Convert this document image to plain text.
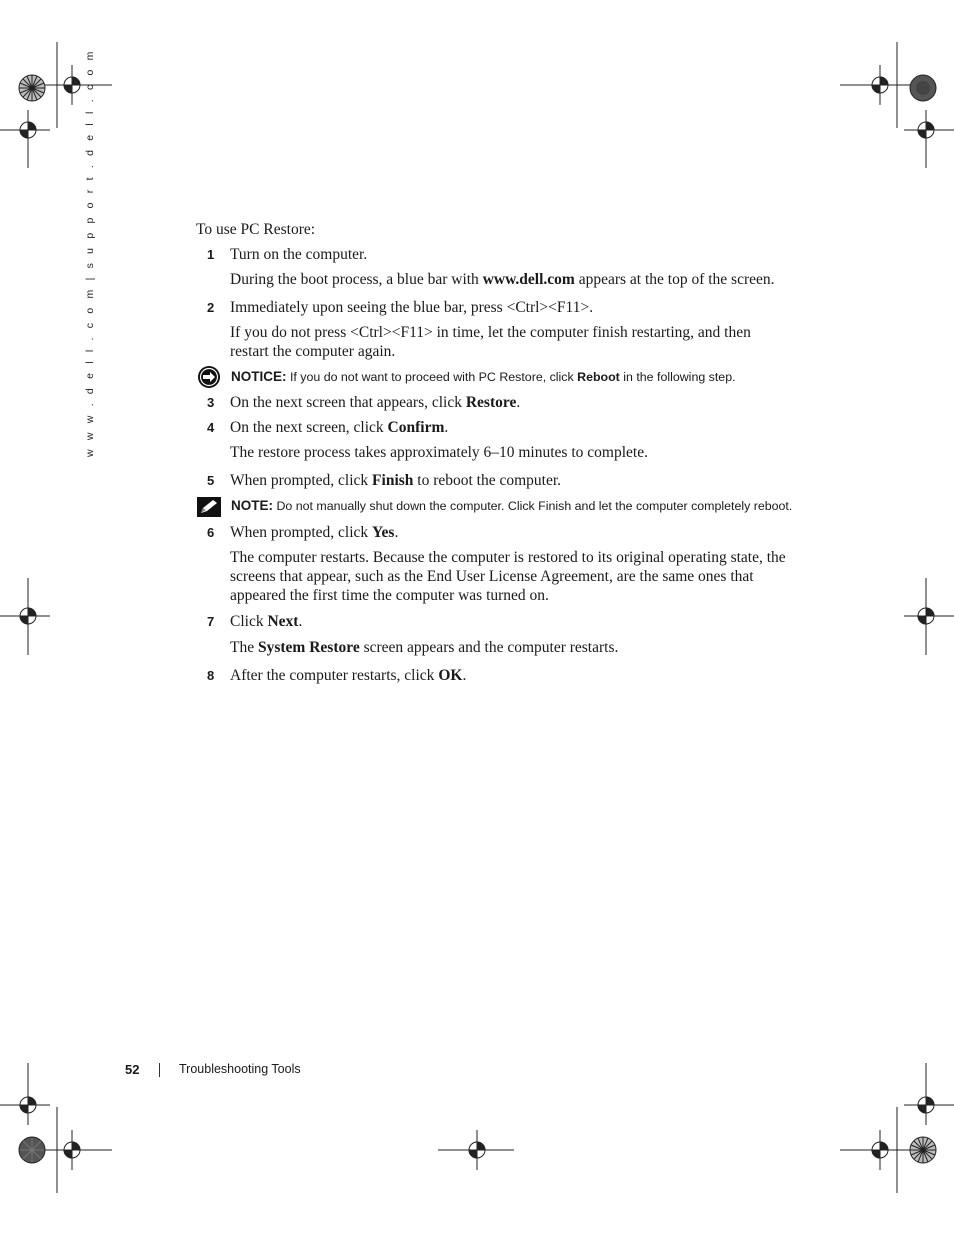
w w w . d e l l . c o m | s u p p o r t . d e l l . c o m	To use PC Restore:
1 Turn on the computer.
During the boot process, a blue bar with www.dell.com appears at the top of the screen.
2 Immediately upon seeing the blue bar, press <Ctrl><F11>.
If you do not press <Ctrl><F11> in time, let the computer finish restarting, and then restart the computer again.
NOTICE: If you do not want to proceed with PC Restore, click Reboot in the following step.
3 On the next screen that appears, click Restore.
4 On the next screen, click Confirm.
The restore process takes approximately 6–10 minutes to complete.
5 When prompted, click Finish to reboot the computer.
NOTE: Do not manually shut down the computer. Click Finish and let the computer completely reboot.
6 When prompted, click Yes.
The computer restarts. Because the computer is restored to its original operating state, the screens that appear, such as the End User License Agreement, are the same ones that appeared the first time the computer was turned on.
7 Click Next.
The System Restore screen appears and the computer restarts.
8 After the computer restarts, click OK.
52	Troubleshooting Tools
